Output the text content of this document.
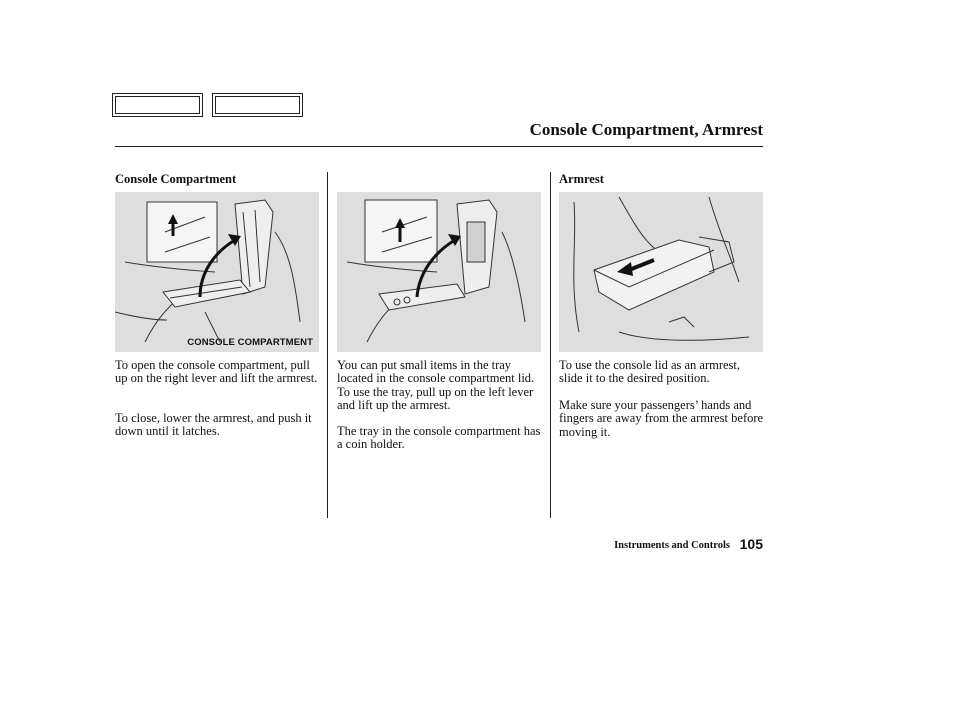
Console Compartment, Armrest
Console Compartment
CONSOLE COMPARTMENT

To open the console compartment, pull up on the right lever and lift the armrest.

To close, lower the armrest, and push it down until it latches.

You can put small items in the tray located in the console compartment lid. To use the tray, pull up on the left lever and lift up the armrest.

The tray in the console compartment has a coin holder.

Armrest

To use the console lid as an armrest, slide it to the desired position.

Make sure your passengers’ hands and fingers are away from the armrest before moving it.

Instruments and Controls 105
